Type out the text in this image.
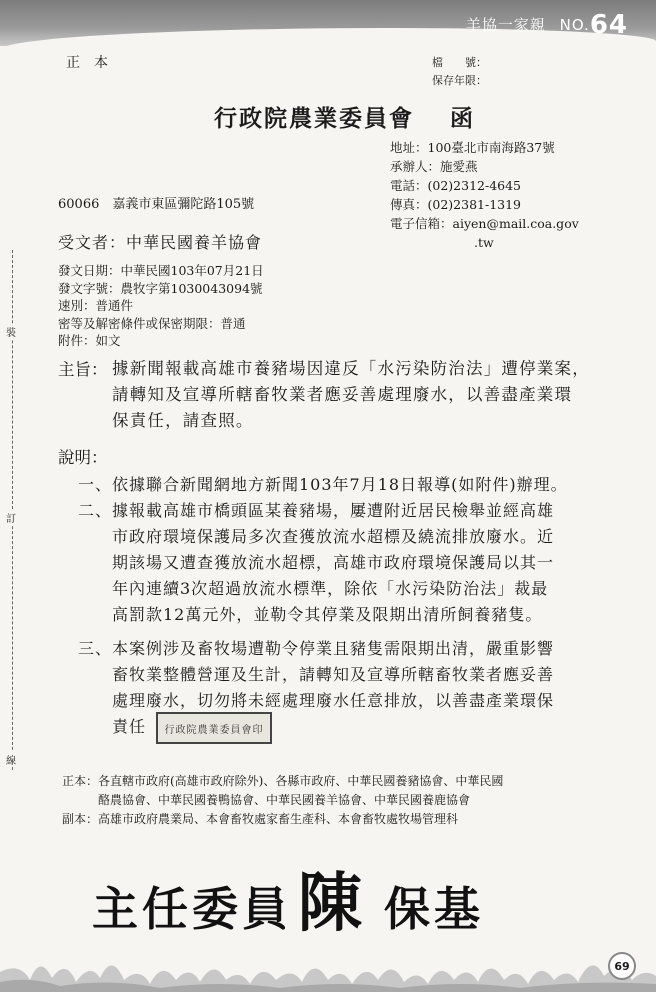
羊協一家親 NO.64
裝
訂
線
正　本	檔　　號：
保存年限：
行政院農業委員會 函
地址：100臺北市南海路37號
承辦人：施愛燕
電話：(02)2312-4645
傳真：(02)2381-1319
電子信箱：aiyen@mail.coa.gov
.tw
60066　嘉義市東區彌陀路105號
受文者：中華民國養羊協會
發文日期：中華民國103年07月21日
發文字號：農牧字第1030043094號
速別：普通件
密等及解密條件或保密期限：普通
附件：如文
主旨： 據新聞報載高雄市養豬場因違反「水污染防治法」遭停業案，
請轉知及宣導所轄畜牧業者應妥善處理廢水，以善盡產業環
保責任，請查照。
說明：
一、依據聯合新聞網地方新聞103年7月18日報導(如附件)辦理。
二、據報載高雄市橋頭區某養豬場，屢遭附近居民檢舉並經高雄
市政府環境保護局多次查獲放流水超標及繞流排放廢水。近
期該場又遭查獲放流水超標，高雄市政府環境保護局以其一
年內連續3次超過放流水標準，除依「水污染防治法」裁最
高罰款12萬元外，並勒令其停業及限期出清所飼養豬隻。
三、本案例涉及畜牧場遭勒令停業且豬隻需限期出清，嚴重影響
畜牧業整體營運及生計，請轉知及宣導所轄畜牧業者應妥善
處理廢水，切勿將未經處理廢水任意排放，以善盡產業環保
責任	行政院農業委員會印
正本：各直轄市政府(高雄市政府除外)、各縣市政府、中華民國養豬協會、中華民國
　　　酪農協會、中華民國養鴨協會、中華民國養羊協會、中華民國養鹿協會
副本：高雄市政府農業局、本會畜牧處家畜生產科、本會畜牧處牧場管理科
主任委員陳 保基
69
